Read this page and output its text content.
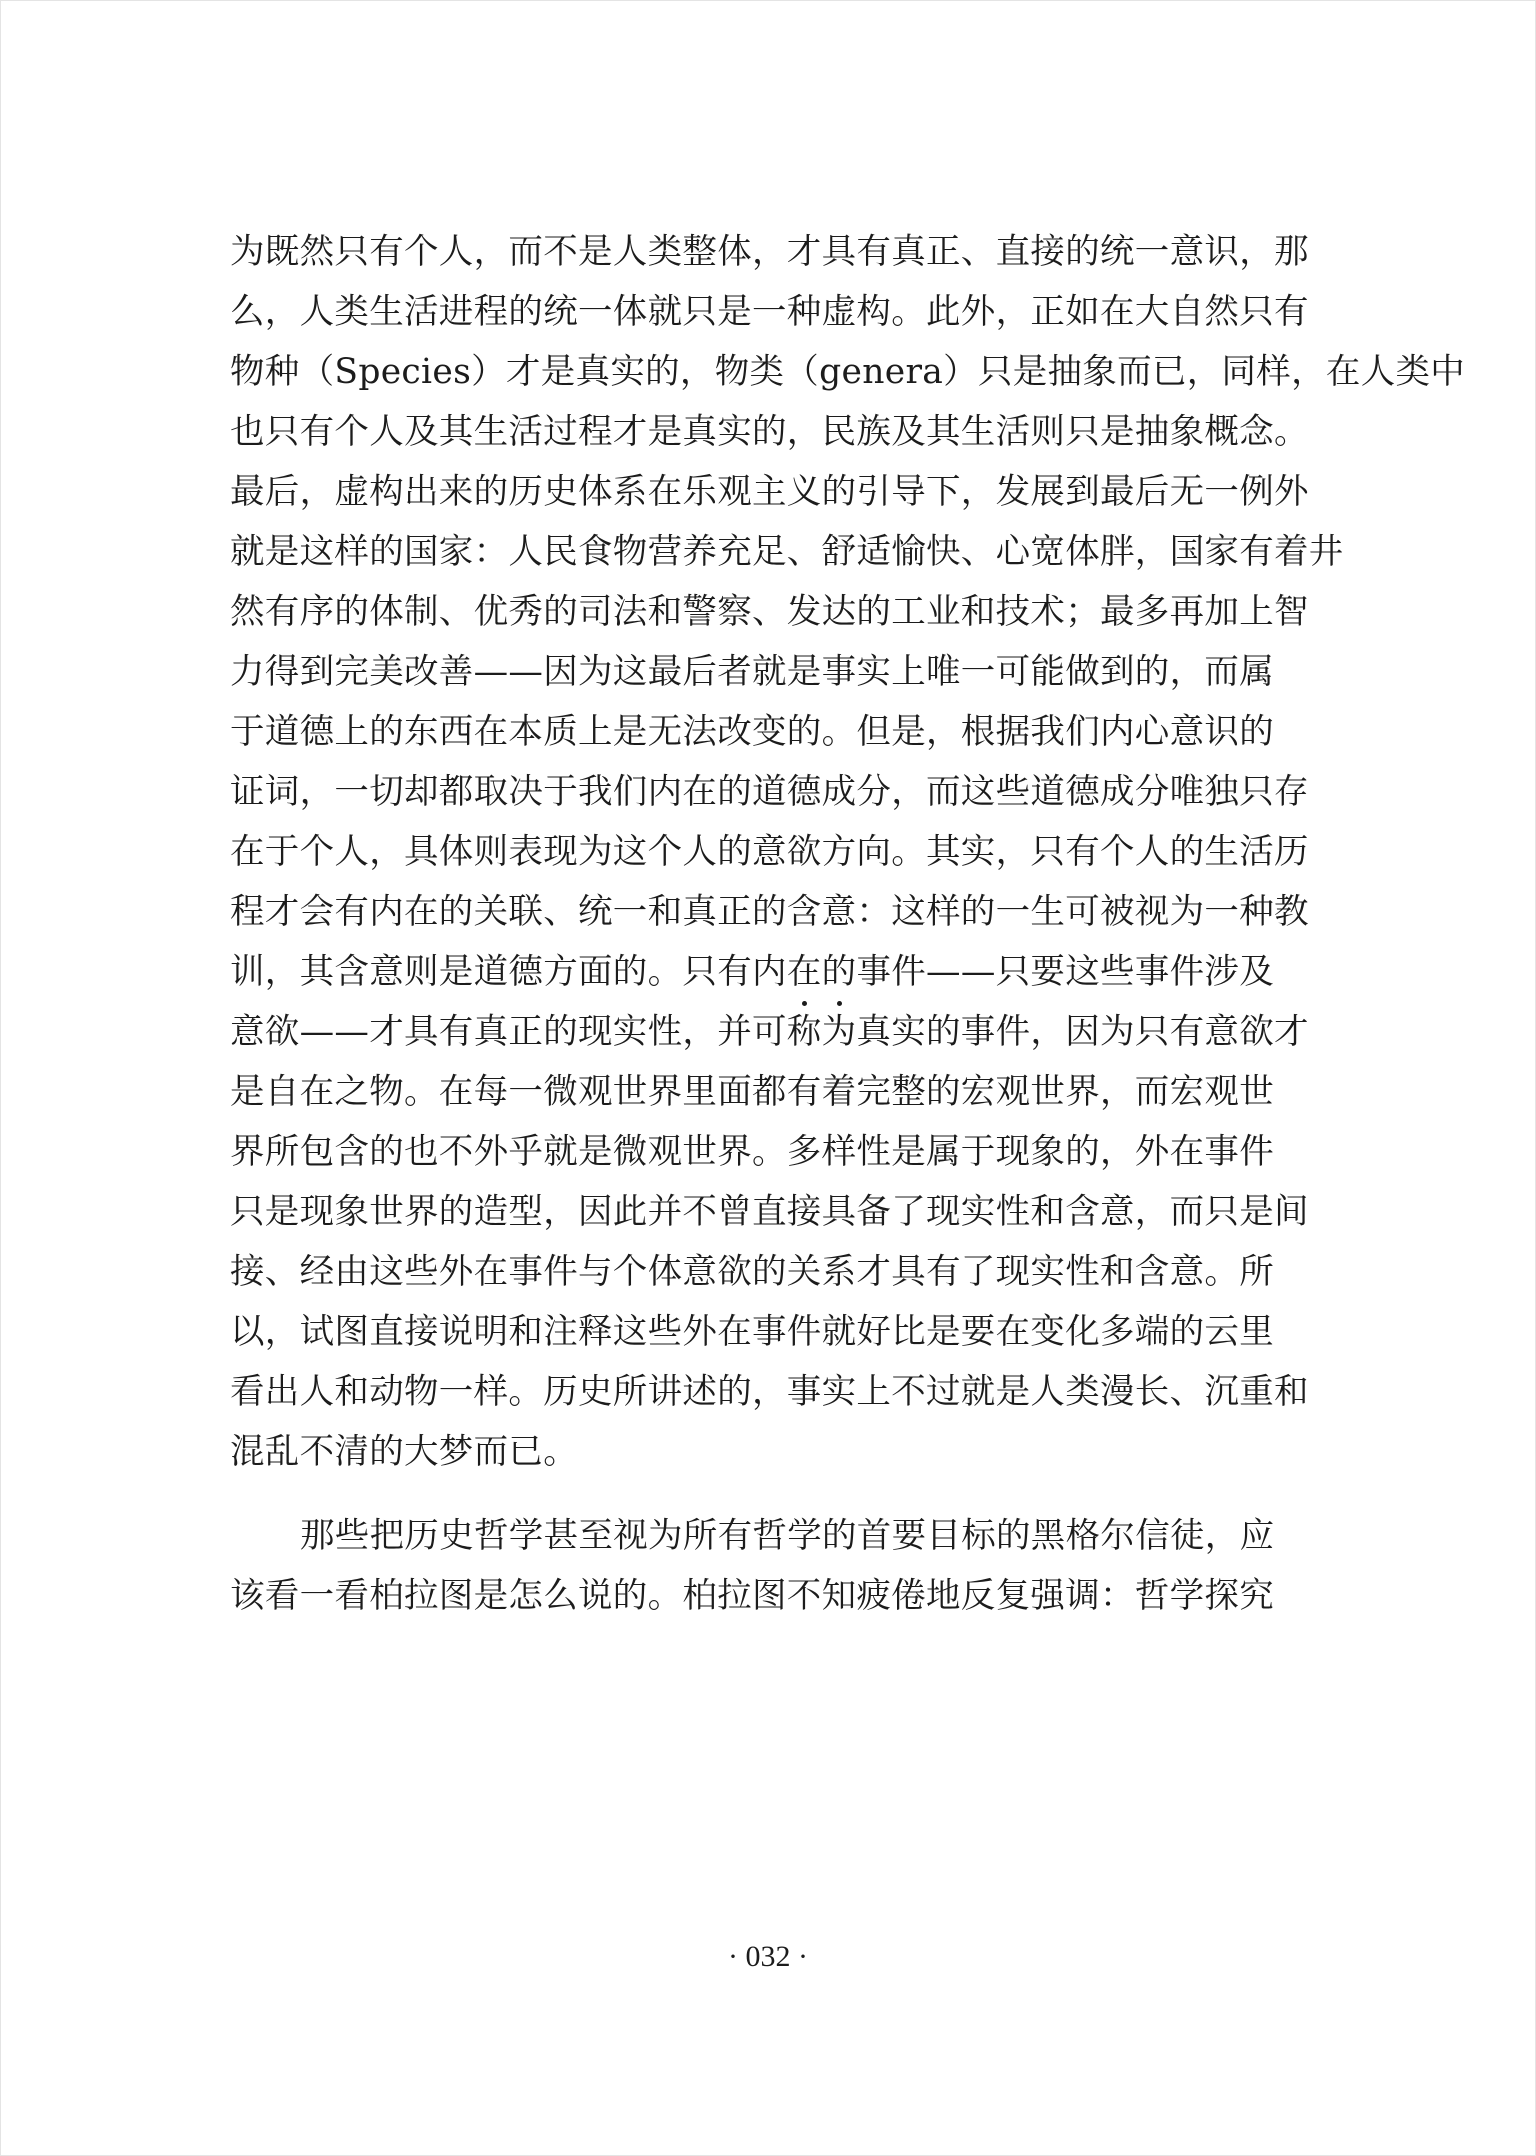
为既然只有个人，而不是人类整体，才具有真正、直接的统一意识，那
么，人类生活进程的统一体就只是一种虚构。此外，正如在大自然只有
物种（Species）才是真实的，物类（genera）只是抽象而已，同样，在人类中
也只有个人及其生活过程才是真实的，民族及其生活则只是抽象概念。
最后，虚构出来的历史体系在乐观主义的引导下，发展到最后无一例外
就是这样的国家：人民食物营养充足、舒适愉快、心宽体胖，国家有着井
然有序的体制、优秀的司法和警察、发达的工业和技术；最多再加上智
力得到完美改善——因为这最后者就是事实上唯一可能做到的，而属
于道德上的东西在本质上是无法改变的。但是，根据我们内心意识的
证词，一切却都取决于我们内在的道德成分，而这些道德成分唯独只存
在于个人，具体则表现为这个人的意欲方向。其实，只有个人的生活历
程才会有内在的关联、统一和真正的含意：这样的一生可被视为一种教
训，其含意则是道德方面的。只有内在的事件——只要这些事件涉及
意欲——才具有真正的现实性，并可称为真实的事件，因为只有意欲才
是自在之物。在每一微观世界里面都有着完整的宏观世界，而宏观世
界所包含的也不外乎就是微观世界。多样性是属于现象的，外在事件
只是现象世界的造型，因此并不曾直接具备了现实性和含意，而只是间
接、经由这些外在事件与个体意欲的关系才具有了现实性和含意。所
以，试图直接说明和注释这些外在事件就好比是要在变化多端的云里
看出人和动物一样。历史所讲述的，事实上不过就是人类漫长、沉重和
混乱不清的大梦而已。
那些把历史哲学甚至视为所有哲学的首要目标的黑格尔信徒，应
该看一看柏拉图是怎么说的。柏拉图不知疲倦地反复强调：哲学探究
· 032 ·
